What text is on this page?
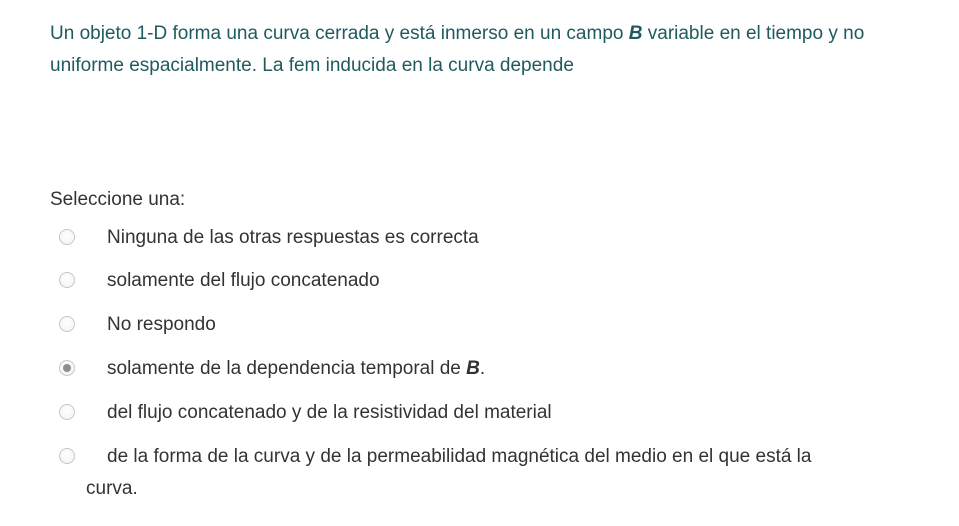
Un objeto 1-D forma una curva cerrada y está inmerso en un campo B variable en el tiempo y no uniforme espacialmente. La fem inducida en la curva depende
Seleccione una:
Ninguna de las otras respuestas es correcta
solamente del flujo concatenado
No respondo
solamente de la dependencia temporal de B.
del flujo concatenado y de la resistividad del material
de la forma de la curva y de la permeabilidad magnética del medio en el que está la
curva.
